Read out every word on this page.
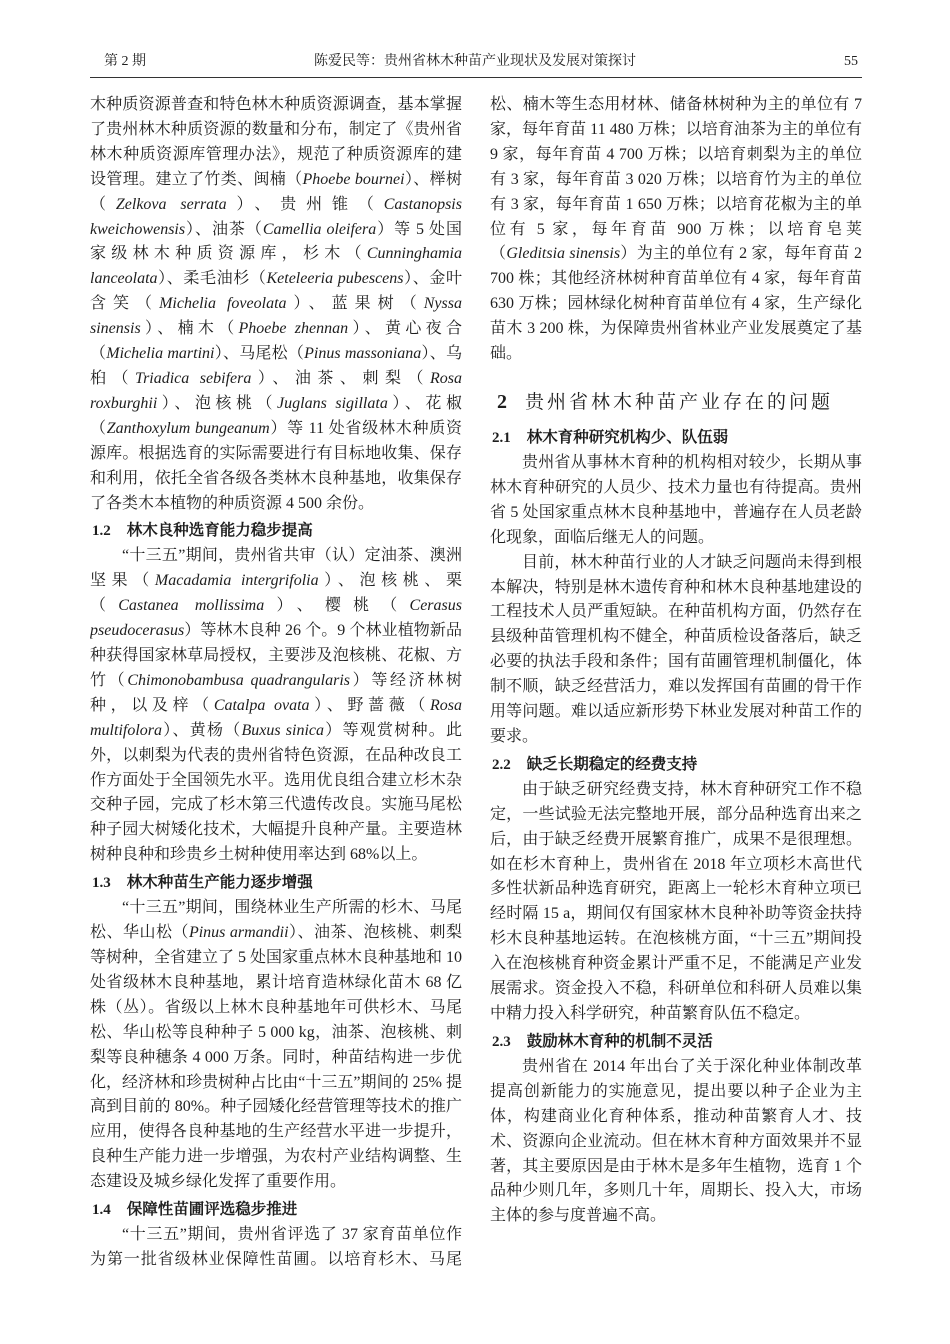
第 2 期	陈爱民等：贵州省林木种苗产业现状及发展对策探讨	55

木种质资源普查和特色林木种质资源调查，基本掌握了贵州林木种质资源的数量和分布，制定了《贵州省林木种质资源库管理办法》，规范了种质资源库的建设管理。建立了竹类、闽楠（Phoebe bournei）、榉树（Zelkova serrata）、贵州锥（Castanopsis kweichowensis）、油茶（Camellia oleifera）等 5 处国家级林木种质资源库，杉木（Cunninghamia lanceolata）、柔毛油杉（Keteleeria pubescens）、金叶含笑（Michelia foveolata）、蓝果树（Nyssa sinensis）、楠木（Phoebe zhennan）、黄心夜合（Michelia martini）、马尾松（Pinus massoniana）、乌桕（Triadica sebifera）、油茶、刺梨（Rosa roxburghii）、泡核桃（Juglans sigillata）、花椒（Zanthoxylum bungeanum）等 11 处省级林木种质资源库。根据选育的实际需要进行有目标地收集、保存和利用，依托全省各级各类林木良种基地，收集保存了各类木本植物的种质资源 4 500 余份。

1.2 林木良种选育能力稳步提高

“十三五”期间，贵州省共审（认）定油茶、澳洲坚果（Macadamia intergrifolia）、泡核桃、栗（Castanea mollissima）、樱桃（Cerasus pseudocerasus）等林木良种 26 个。9 个林业植物新品种获得国家林草局授权，主要涉及泡核桃、花椒、方竹（Chimonobambusa quadrangularis）等经济林树种，以及梓（Catalpa ovata）、野蔷薇（Rosa multifolora）、黄杨（Buxus sinica）等观赏树种。此外，以刺梨为代表的贵州省特色资源，在品种改良工作方面处于全国领先水平。选用优良组合建立杉木杂交种子园，完成了杉木第三代遗传改良。实施马尾松种子园大树矮化技术，大幅提升良种产量。主要造林树种良种和珍贵乡土树种使用率达到 68%以上。

1.3 林木种苗生产能力逐步增强

“十三五”期间，围绕林业生产所需的杉木、马尾松、华山松（Pinus armandii）、油茶、泡核桃、刺梨等树种，全省建立了 5 处国家重点林木良种基地和 10 处省级林木良种基地，累计培育造林绿化苗木 68 亿株（丛）。省级以上林木良种基地年可供杉木、马尾松、华山松等良种种子 5 000 kg，油茶、泡核桃、刺梨等良种穗条 4 000 万条。同时，种苗结构进一步优化，经济林和珍贵树种占比由“十三五”期间的 25% 提高到目前的 80%。种子园矮化经营管理等技术的推广应用，使得各良种基地的生产经营水平进一步提升，良种生产能力进一步增强，为农村产业结构调整、生态建设及城乡绿化发挥了重要作用。

1.4 保障性苗圃评选稳步推进

“十三五”期间，贵州省评选了 37 家育苗单位作为第一批省级林业保障性苗圃。以培育杉木、马尾

松、楠木等生态用材林、储备林树种为主的单位有 7 家，每年育苗 11 480 万株；以培育油茶为主的单位有 9 家，每年育苗 4 700 万株；以培育刺梨为主的单位有 3 家，每年育苗 3 020 万株；以培育竹为主的单位有 3 家，每年育苗 1 650 万株；以培育花椒为主的单位有 5 家，每年育苗 900 万株；以培育皂荚（Gleditsia sinensis）为主的单位有 2 家，每年育苗 2 700 株；其他经济林树种育苗单位有 4 家，每年育苗 630 万株；园林绿化树种育苗单位有 4 家，生产绿化苗木 3 200 株，为保障贵州省林业产业发展奠定了基础。

2 贵州省林木种苗产业存在的问题
2.1 林木育种研究机构少、队伍弱

贵州省从事林木育种的机构相对较少，长期从事林木育种研究的人员少、技术力量也有待提高。贵州省 5 处国家重点林木良种基地中，普遍存在人员老龄化现象，面临后继无人的问题。

目前，林木种苗行业的人才缺乏问题尚未得到根本解决，特别是林木遗传育种和林木良种基地建设的工程技术人员严重短缺。在种苗机构方面，仍然存在县级种苗管理机构不健全，种苗质检设备落后，缺乏必要的执法手段和条件；国有苗圃管理机制僵化，体制不顺，缺乏经营活力，难以发挥国有苗圃的骨干作用等问题。难以适应新形势下林业发展对种苗工作的要求。

2.2 缺乏长期稳定的经费支持

由于缺乏研究经费支持，林木育种研究工作不稳定，一些试验无法完整地开展，部分品种选育出来之后，由于缺乏经费开展繁育推广，成果不是很理想。如在杉木育种上，贵州省在 2018 年立项杉木高世代多性状新品种选育研究，距离上一轮杉木育种立项已经时隔 15 a，期间仅有国家林木良种补助等资金扶持杉木良种基地运转。在泡核桃方面，“十三五”期间投入在泡核桃育种资金累计严重不足，不能满足产业发展需求。资金投入不稳，科研单位和科研人员难以集中精力投入科学研究，种苗繁育队伍不稳定。

2.3 鼓励林木育种的机制不灵活

贵州省在 2014 年出台了关于深化种业体制改革提高创新能力的实施意见，提出要以种子企业为主体，构建商业化育种体系，推动种苗繁育人才、技术、资源向企业流动。但在林木育种方面效果并不显著，其主要原因是由于林木是多年生植物，选育 1 个品种少则几年，多则几十年，周期长、投入大，市场主体的参与度普遍不高。
